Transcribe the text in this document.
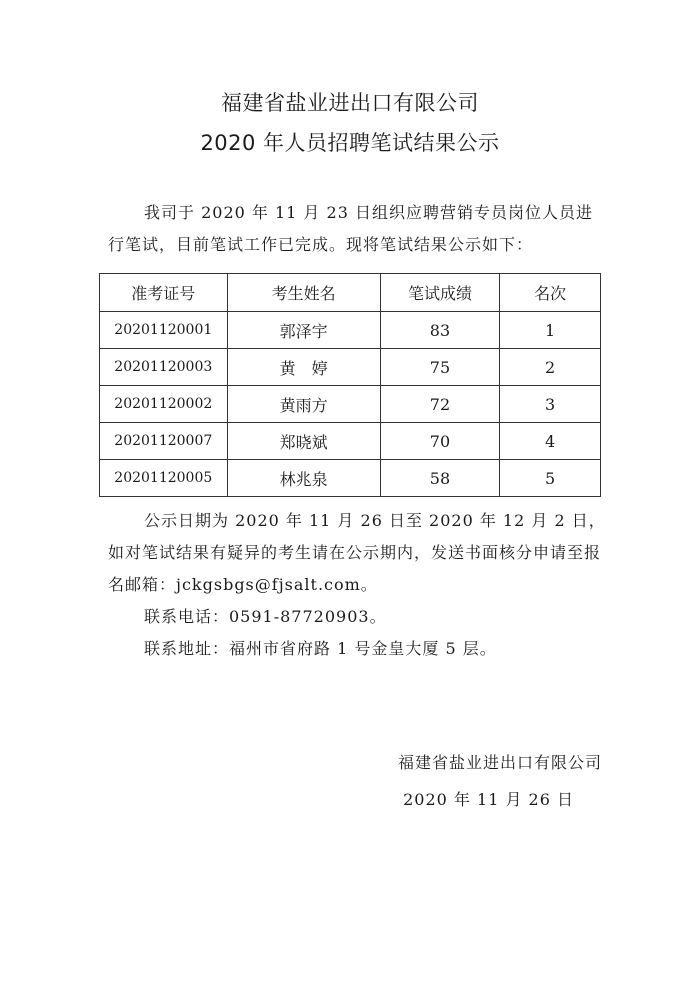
福建省盐业进出口有限公司
2020 年人员招聘笔试结果公示

我司于 2020 年 11 月 23 日组织应聘营销专员岗位人员进行笔试，目前笔试工作已完成。现将笔试结果公示如下：

准考证号	考生姓名	笔试成绩	名次
20201120001	郭泽宇	83	1
20201120003	黄　婷	75	2
20201120002	黄雨方	72	3
20201120007	郑晓斌	70	4
20201120005	林兆泉	58	5

公示日期为 2020 年 11 月 26 日至 2020 年 12 月 2 日，如对笔试结果有疑异的考生请在公示期内，发送书面核分申请至报名邮箱：jckgsbgs@fjsalt.com。

联系电话：0591-87720903。

联系地址：福州市省府路 1 号金皇大厦 5 层。

福建省盐业进出口有限公司

2020 年 11 月 26 日
